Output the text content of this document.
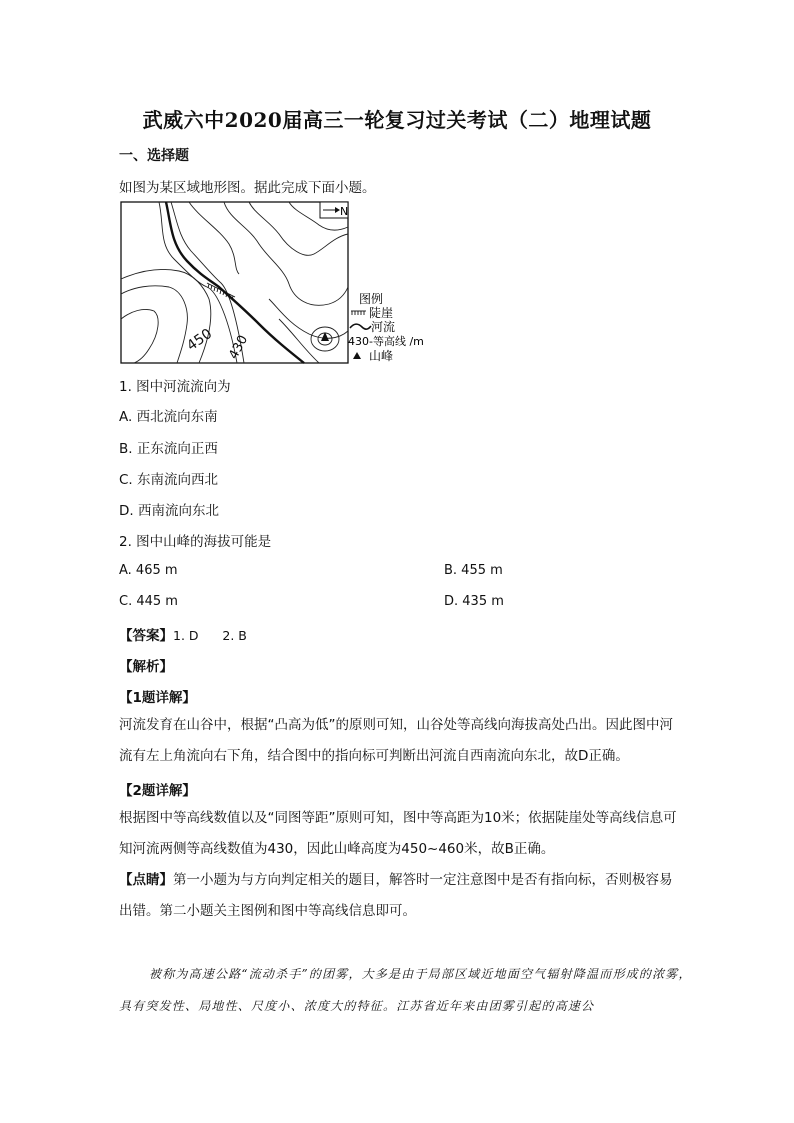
武威六中2020届高三一轮复习过关考试（二）地理试题
一、选择题
如图为某区域地形图。据此完成下面小题。
N
450 430
图例
陡崖
河流
430-等高线 /m
山峰
1. 图中河流流向为
A. 西北流向东南
B. 正东流向正西
C. 东南流向西北
D. 西南流向东北
2. 图中山峰的海拔可能是
A. 465 m	B. 455 m
C. 445 m	D. 435 m
【答案】1. D      2. B
【解析】
【1题详解】
河流发育在山谷中，根据“凸高为低”的原则可知，山谷处等高线向海拔高处凸出。因此图中河流有左上角流向右下角，结合图中的指向标可判断出河流自西南流向东北，故D正确。
【2题详解】
根据图中等高线数值以及“同图等距”原则可知，图中等高距为10米；依据陡崖处等高线信息可知河流两侧等高线数值为430，因此山峰高度为450~460米，故B正确。
【点睛】第一小题为与方向判定相关的题目，解答时一定注意图中是否有指向标，否则极容易出错。第二小题关主图例和图中等高线信息即可。
被称为高速公路“流动杀手”的团雾，大多是由于局部区域近地面空气辐射降温而形成的浓雾，具有突发性、局地性、尺度小、浓度大的特征。江苏省近年来由团雾引起的高速公
